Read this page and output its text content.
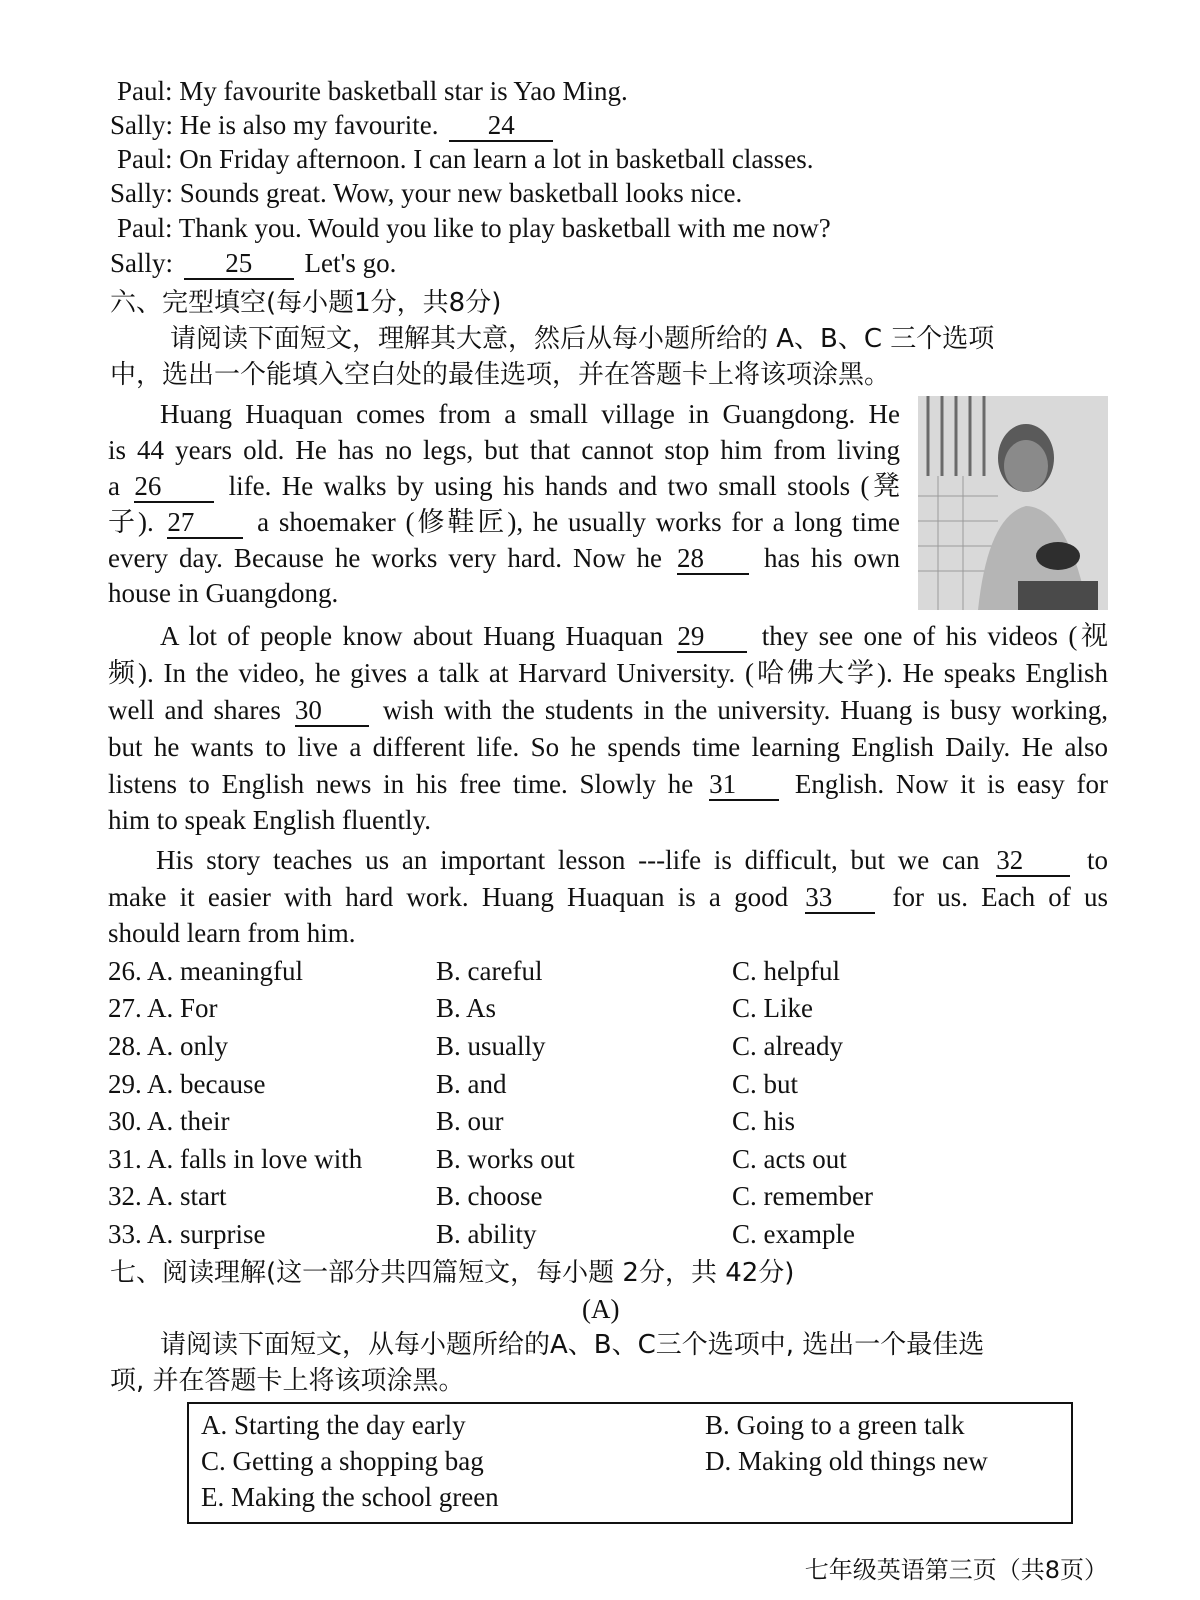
Paul: My favourite basketball star is Yao Ming.
Sally: He is also my favourite. 24
Paul: On Friday afternoon. I can learn a lot in basketball classes.
Sally: Sounds great. Wow, your new basketball looks nice.
Paul: Thank you. Would you like to play basketball with me now?
Sally: 25 Let's go.
六、完型填空(每小题1分，共8分)
请阅读下面短文，理解其大意，然后从每小题所给的 A、B、C 三个选项
中，选出一个能填入空白处的最佳选项，并在答题卡上将该项涂黑。
Huang Huaquan comes from a small village in Guangdong. He
is 44 years old. He has no legs, but that cannot stop him from living
a 26 life. He walks by using his hands and two small stools (凳
子). 27 a shoemaker (修鞋匠), he usually works for a long time
every day. Because he works very hard. Now he 28 has his own
house in Guangdong.
A lot of people know about Huang Huaquan 29 they see one of his videos (视
频). In the video, he gives a talk at Harvard University. (哈佛大学). He speaks English
well and shares 30 wish with the students in the university. Huang is busy working,
but he wants to live a different life. So he spends time learning English Daily. He also
listens to English news in his free time. Slowly he 31 English. Now it is easy for
him to speak English fluently.
His story teaches us an important lesson ---life is difficult, but we can 32 to
make it easier with hard work. Huang Huaquan is a good 33 for us. Each of us
should learn from him.
26. A. meaningful	B. careful	C. helpful
27. A. For	B. As	C. Like
28. A. only	B. usually	C. already
29. A. because	B. and	C. but
30. A. their	B. our	C. his
31. A. falls in love with	B. works out	C. acts out
32. A. start	B. choose	C. remember
33. A. surprise	B. ability	C. example
七、阅读理解(这一部分共四篇短文，每小题 2分，共 42分)
(A)
请阅读下面短文，从每小题所给的A、B、C三个选项中, 选出一个最佳选
项, 并在答题卡上将该项涂黑。
A. Starting the day early	B. Going to a green talk
C. Getting a shopping bag	D. Making old things new
E. Making the school green
七年级英语第三页（共8页）
